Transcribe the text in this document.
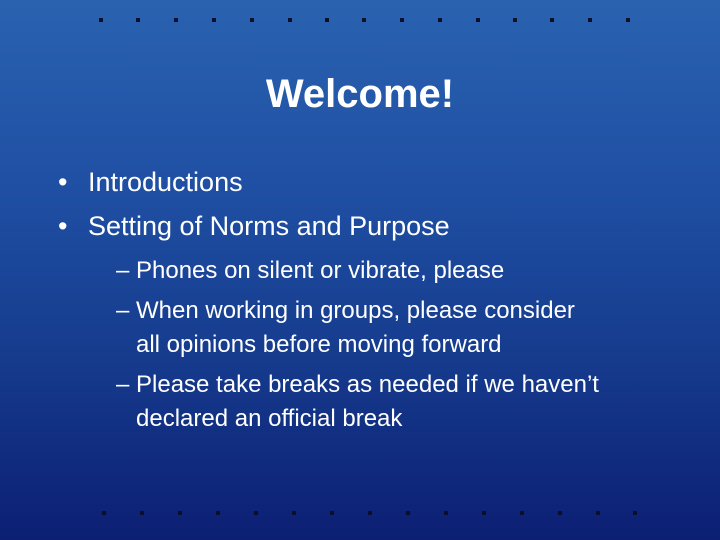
Welcome!
• Introductions
• Setting of Norms and Purpose
– Phones on silent or vibrate, please
– When working in groups, please consider
all opinions before moving forward
– Please take breaks as needed if we haven’t
declared an official break
